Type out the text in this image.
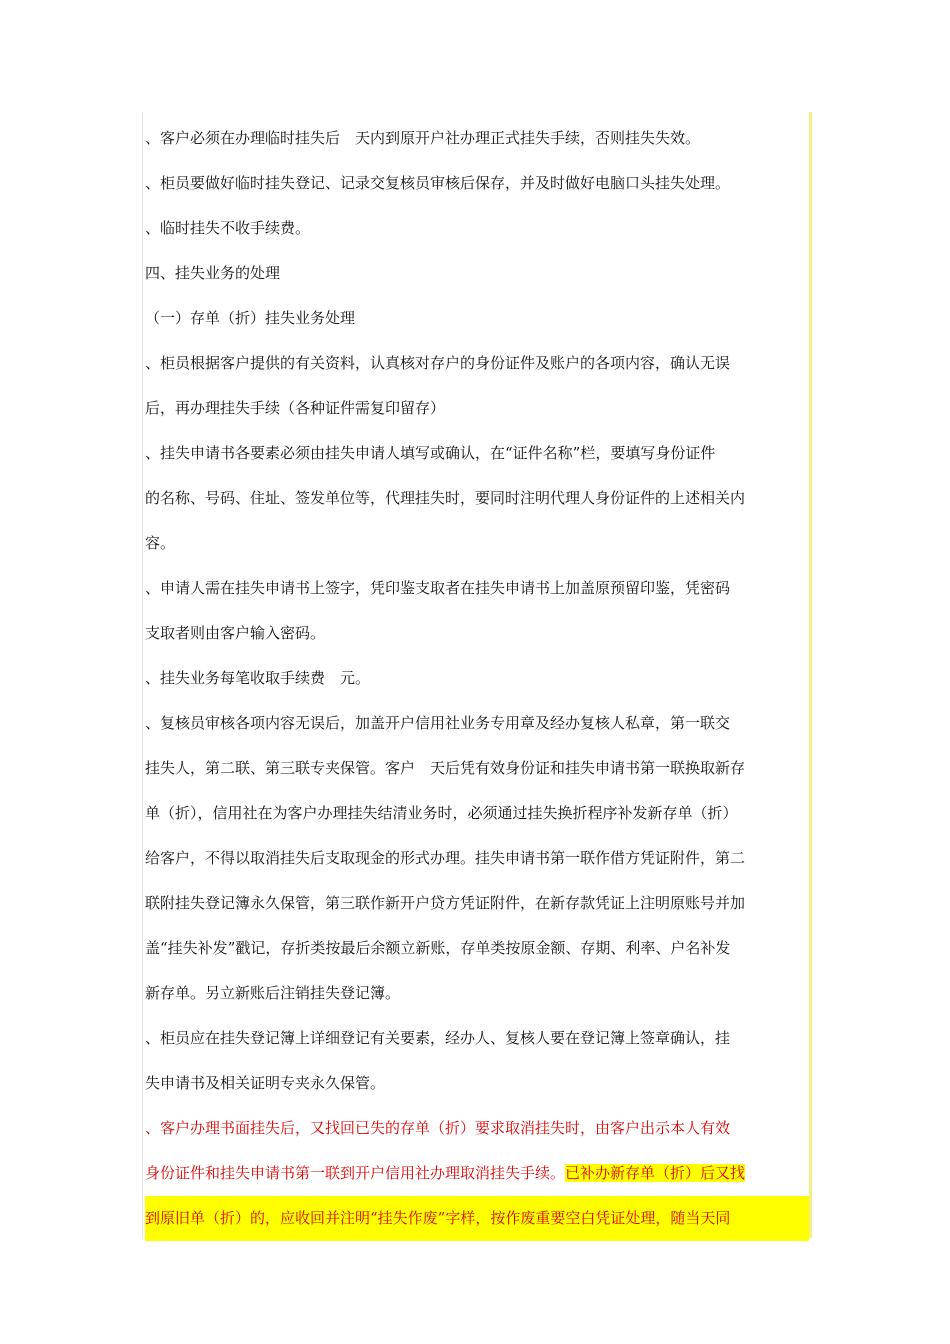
、客户必须在办理临时挂失后　天内到原开户社办理正式挂失手续，否则挂失失效。
、柜员要做好临时挂失登记、记录交复核员审核后保存，并及时做好电脑口头挂失处理。
、临时挂失不收手续费。
四、挂失业务的处理
（一）存单（折）挂失业务处理
、柜员根据客户提供的有关资料，认真核对存户的身份证件及账户的各项内容，确认无误
后，再办理挂失手续（各种证件需复印留存）
、挂失申请书各要素必须由挂失申请人填写或确认，在“证件名称”栏，要填写身份证件
的名称、号码、住址、签发单位等，代理挂失时，要同时注明代理人身份证件的上述相关内
容。
、申请人需在挂失申请书上签字，凭印鉴支取者在挂失申请书上加盖原预留印鉴，凭密码
支取者则由客户输入密码。
、挂失业务每笔收取手续费　元。
、复核员审核各项内容无误后，加盖开户信用社业务专用章及经办复核人私章，第一联交
挂失人，第二联、第三联专夹保管。客户　天后凭有效身份证和挂失申请书第一联换取新存
单（折），信用社在为客户办理挂失结清业务时，必须通过挂失换折程序补发新存单（折）
给客户，不得以取消挂失后支取现金的形式办理。挂失申请书第一联作借方凭证附件，第二
联附挂失登记簿永久保管，第三联作新开户贷方凭证附件，在新存款凭证上注明原账号并加
盖“挂失补发”戳记，存折类按最后余额立新账，存单类按原金额、存期、利率、户名补发
新存单。另立新账后注销挂失登记簿。
、柜员应在挂失登记簿上详细登记有关要素，经办人、复核人要在登记簿上签章确认，挂
失申请书及相关证明专夹永久保管。
、客户办理书面挂失后，又找回已失的存单（折）要求取消挂失时，由客户出示本人有效
身份证件和挂失申请书第一联到开户信用社办理取消挂失手续。已补办新存单（折）后又找
到原旧单（折）的，应收回并注明“挂失作废”字样，按作废重要空白凭证处理，随当天同
